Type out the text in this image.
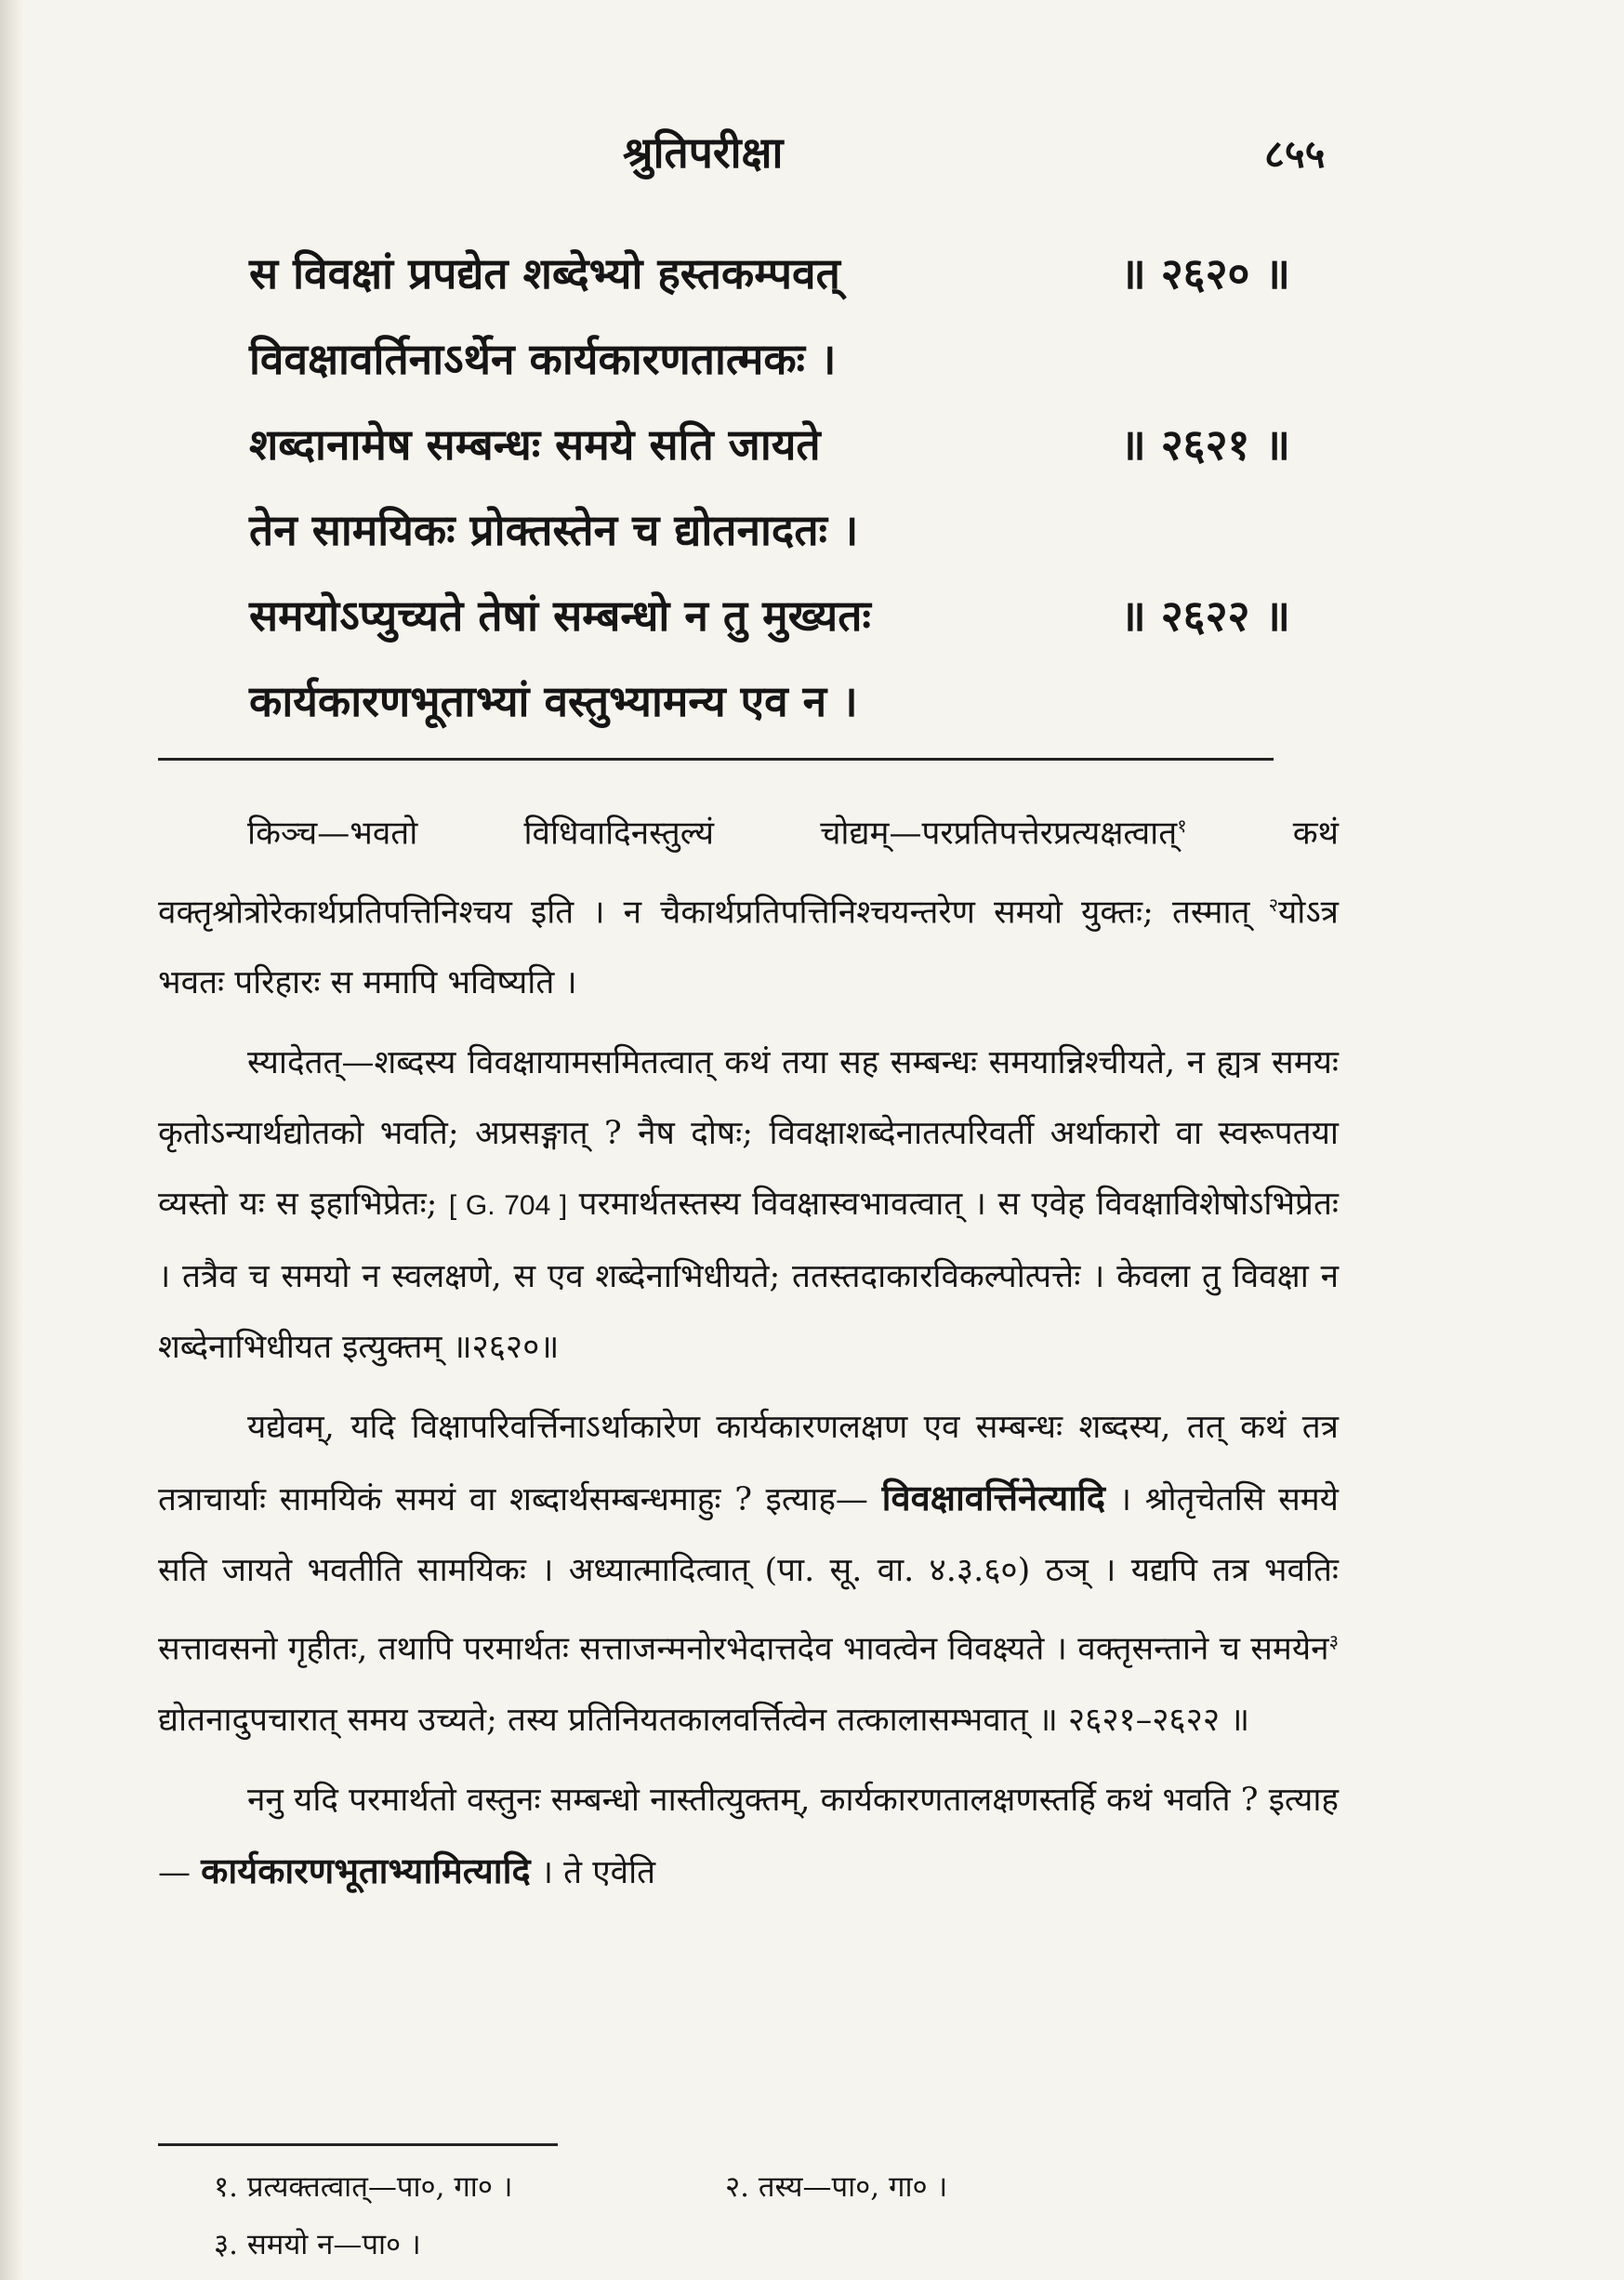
श्रुतिपरीक्षा	८५५
स विवक्षां प्रपद्येत शब्देभ्यो हस्तकम्पवत्	॥ २६२० ॥
विवक्षावर्तिनाऽर्थेन कार्यकारणतात्मकः ।
शब्दानामेष सम्बन्धः समये सति जायते	॥ २६२१ ॥
तेन सामयिकः प्रोक्तस्तेन च द्योतनादतः ।
समयोऽप्युच्यते तेषां सम्बन्धो न तु मुख्यतः	॥ २६२२ ॥
कार्यकारणभूताभ्यां वस्तुभ्यामन्य एव न ।

किञ्च—भवतो विधिवादिनस्तुल्यं चोद्यम्—परप्रतिपत्तेरप्रत्यक्षत्वात्$^१$ कथं वक्तृश्रोत्रोरेकार्थप्रतिपत्तिनिश्चय इति । न चैकार्थप्रतिपत्तिनिश्चयन्तरेण समयो युक्तः; तस्मात् $^२$योऽत्र भवतः परिहारः स ममापि भविष्यति ।

स्यादेतत्—शब्दस्य विवक्षायामसमितत्वात् कथं तया सह सम्बन्धः समयान्निश्चीयते, न ह्यत्र समयः कृतोऽन्यार्थद्योतको भवति; अप्रसङ्गात् ? नैष दोषः; विवक्षाशब्देनातत्परिवर्ती अर्थाकारो वा स्वरूपतया व्यस्तो यः स इहाभिप्रेतः; [ G. 704 ] परमार्थतस्तस्य विवक्षास्वभावत्वात् । स एवेह विवक्षाविशेषोऽभिप्रेतः । तत्रैव च समयो न स्वलक्षणे, स एव शब्देनाभिधीयते; ततस्तदाकारविकल्पोत्पत्तेः । केवला तु विवक्षा न शब्देनाभिधीयत इत्युक्तम् ॥२६२०॥

यद्येवम्, यदि विक्षापरिवर्त्तिनाऽर्थाकारेण कार्यकारणलक्षण एव सम्बन्धः शब्दस्य, तत् कथं तत्र तत्राचार्याः सामयिकं समयं वा शब्दार्थसम्बन्धमाहुः ? इत्याह— विवक्षावर्त्तिनेत्यादि । श्रोतृचेतसि समये सति जायते भवतीति सामयिकः । अध्यात्मादित्वात् (पा. सू. वा. ४.३.६०) ठञ् । यद्यपि तत्र भवतिः सत्तावसनो गृहीतः, तथापि परमार्थतः सत्ताजन्मनोरभेदात्तदेव भावत्वेन विवक्ष्यते । वक्तृसन्ताने च समयेन$^३$ द्योतनादुपचारात् समय उच्यते; तस्य प्रतिनियतकालवर्त्तित्वेन तत्कालासम्भवात् ॥ २६२१–२६२२ ॥

ननु यदि परमार्थतो वस्तुनः सम्बन्धो नास्तीत्युक्तम्, कार्यकारणतालक्षणस्तर्हि कथं भवति ? इत्याह— कार्यकारणभूताभ्यामित्यादि । ते एवेति

१. प्रत्यक्तत्वात्—पा०, गा० ।	२. तस्य—पा०, गा० ।
३. समयो न—पा० ।
